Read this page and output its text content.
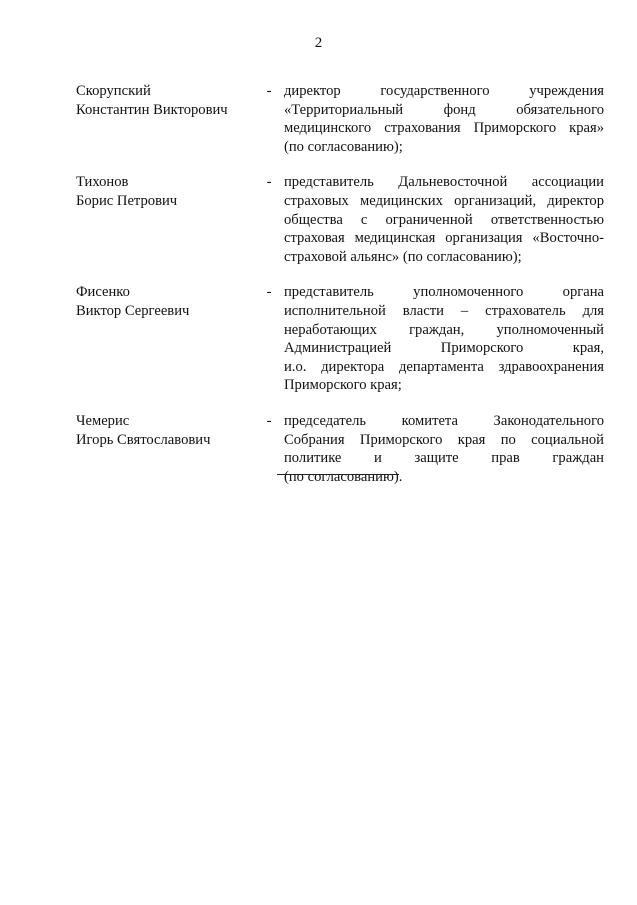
2
Скорупский
Константин Викторович
- директор государственного учреждения
«Территориальный фонд обязательного
медицинского страхования Приморского края»
(по согласованию);
Тихонов
Борис Петрович
- представитель Дальневосточной ассоциации
страховых медицинских организаций, директор
общества с ограниченной ответственностью
страховая медицинская организация «Восточно-
страховой альянс» (по согласованию);
Фисенко
Виктор Сергеевич
- представитель уполномоченного органа
исполнительной власти – страхователь для
неработающих граждан, уполномоченный
Администрацией Приморского края,
и.о. директора департамента здравоохранения
Приморского края;
Чемерис
Игорь Святославович
- председатель комитета Законодательного
Собрания Приморского края по социальной
политике и защите прав граждан
(по согласованию).
